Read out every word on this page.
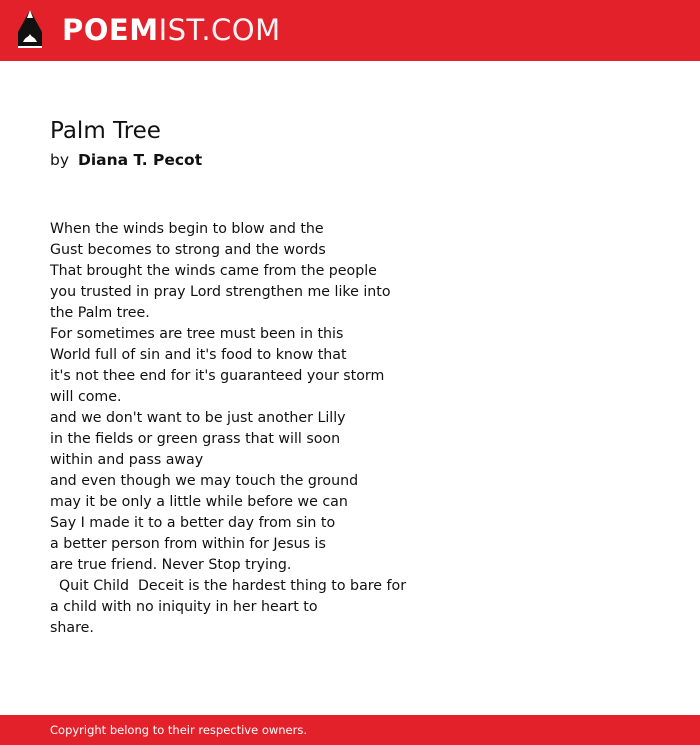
POEMIST.COM
Palm Tree
by Diana T. Pecot
When the winds begin to blow and the
Gust becomes to strong and the words
That brought the winds came from the people
you trusted in pray Lord strengthen me like into
the Palm tree.
For sometimes are tree must been in this
World full of sin and it's food to know that
it's not thee end for it's guaranteed your storm
will come.
and we don't want to be just another Lilly
in the fields or green grass that will soon
within and pass away
and even though we may touch the ground
may it be only a little while before we can
Say I made it to a better day from sin to
a better person from within for Jesus is
are true friend. Never Stop trying.
Quit Child  Deceit is the hardest thing to bare for
a child with no iniquity in her heart to
share.
Copyright belong to their respective owners.
